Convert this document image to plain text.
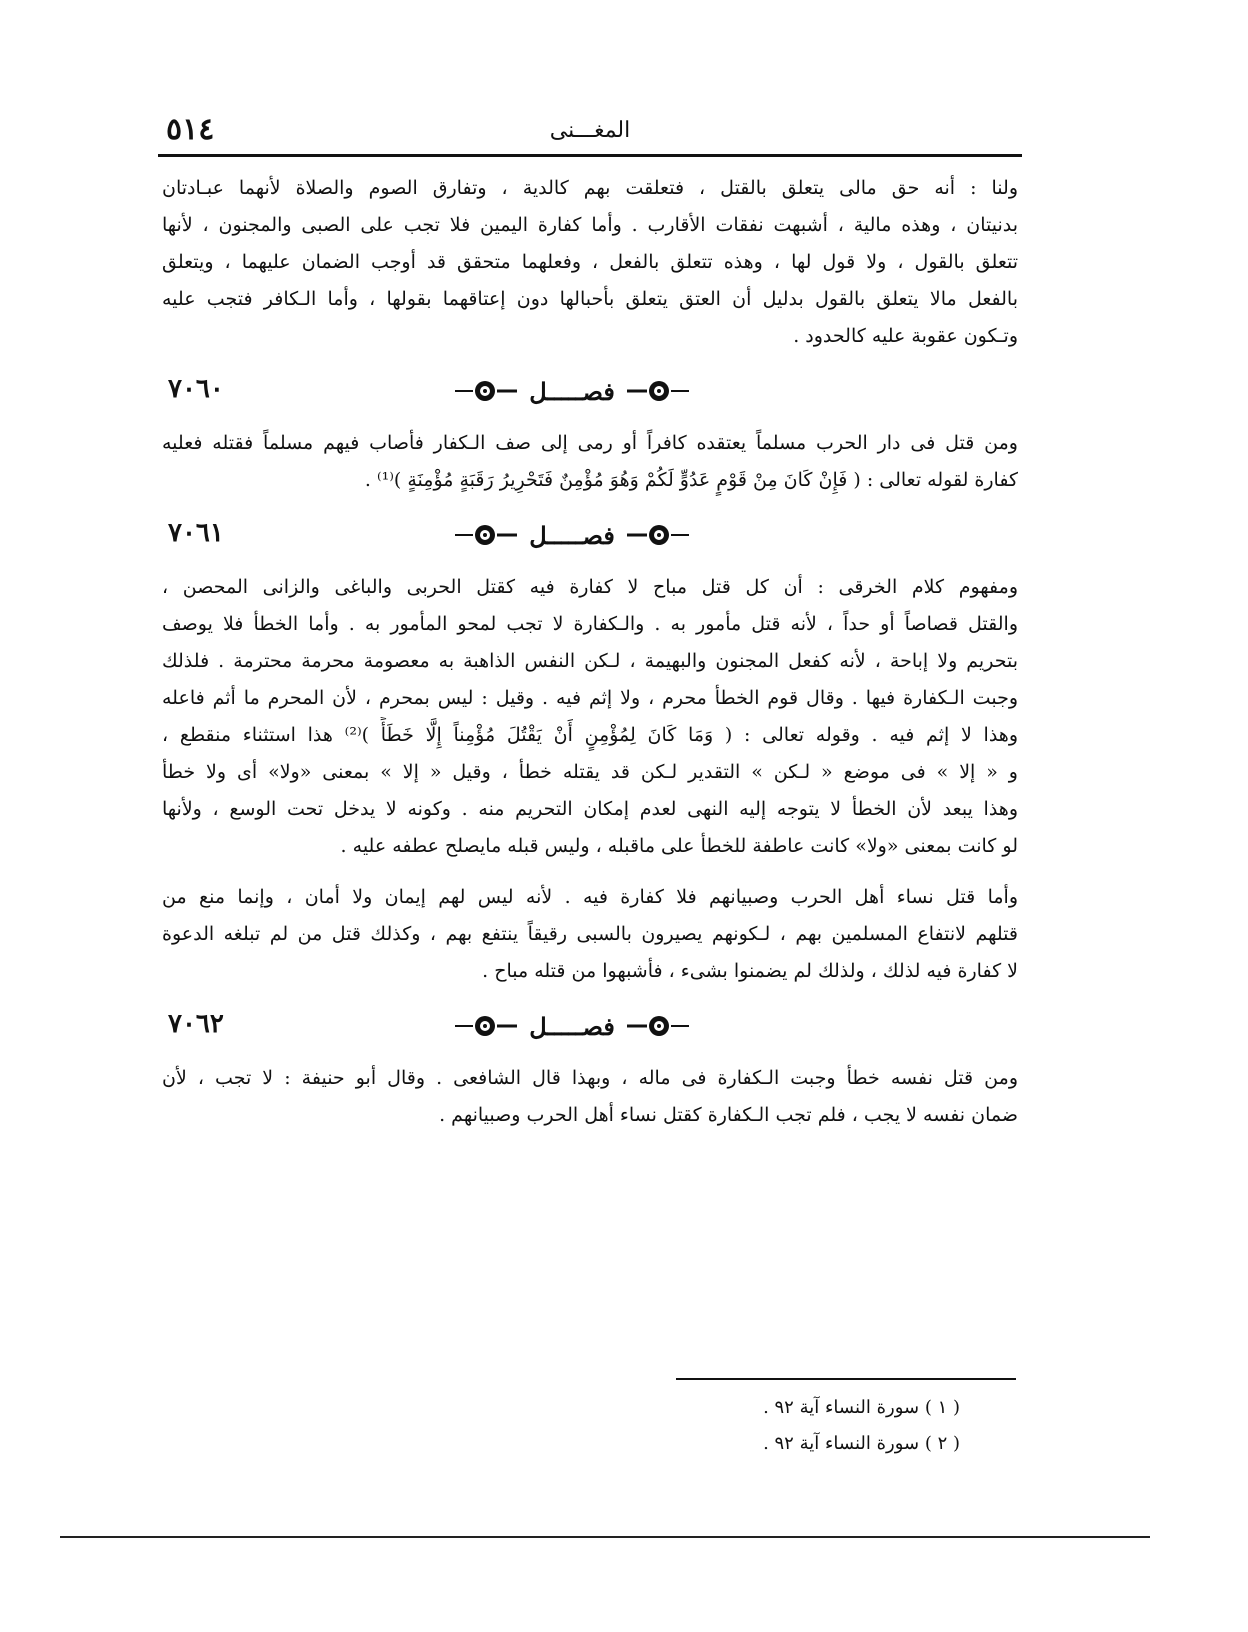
المغـــنى
٥١٤
ولنا : أنه حق مالى يتعلق بالقتل ، فتعلقت بهم كالدية ، وتفارق الصوم والصلاة لأنهما عبـادتان
بدنيتان ، وهذه مالية ، أشبهت نفقات الأقارب . وأما كفارة اليمين فلا تجب على الصبى والمجنون ، لأنها
تتعلق بالقول ، ولا قول لها ، وهذه تتعلق بالفعل ، وفعلهما متحقق قد أوجب الضمان عليهما ، ويتعلق
بالفعل مالا يتعلق بالقول بدليل أن العتق يتعلق بأحبالها دون إعتاقهما بقولها ، وأما الـكافر فتجب عليه
وتـكون عقوبة عليه كالحدود .
٧٠٦٠	فصـــــل
ومن قتل فى دار الحرب مسلماً يعتقده كافراً أو رمى إلى صف الـكفار فأصاب فيهم مسلماً فقتله فعليه
كفارة لقوله تعالى : ( فَإِنْ كَانَ مِنْ قَوْمٍ عَدُوٍّ لَكُمْ وَهُوَ مُؤْمِنٌ فَتَحْرِيرُ رَقَبَةٍ مُؤْمِنَةٍ )⁽¹⁾ .
٧٠٦١	فصـــــل
ومفهوم كلام الخرقى : أن كل قتل مباح لا كفارة فيه كقتل الحربى والباغى والزانى المحصن ،
والقتل قصاصاً أو حداً ، لأنه قتل مأمور به . والـكفارة لا تجب لمحو المأمور به . وأما الخطأ فلا يوصف
بتحريم ولا إباحة ، لأنه كفعل المجنون والبهيمة ، لـكن النفس الذاهبة به معصومة محرمة محترمة . فلذلك
وجبت الـكفارة فيها . وقال قوم الخطأ محرم ، ولا إثم فيه . وقيل : ليس بمحرم ، لأن المحرم ما أثم فاعله
وهذا لا إثم فيه . وقوله تعالى : ( وَمَا كَانَ لِمُؤْمِنٍ أَنْ يَقْتُلَ مُؤْمِناً إِلَّا خَطَأً )⁽²⁾ هذا استثناء منقطع ،
و « إلا » فى موضع « لـكن » التقدير لـكن قد يقتله خطأ ، وقيل « إلا » بمعنى «ولا» أى ولا خطأ
وهذا يبعد لأن الخطأ لا يتوجه إليه النهى لعدم إمكان التحريم منه . وكونه لا يدخل تحت الوسع ، ولأنها
لو كانت بمعنى «ولا» كانت عاطفة للخطأ على ماقبله ، وليس قبله مايصلح عطفه عليه .
وأما قتل نساء أهل الحرب وصبيانهم فلا كفارة فيه . لأنه ليس لهم إيمان ولا أمان ، وإنما منع من
قتلهم لانتفاع المسلمين بهم ، لـكونهم يصيرون بالسبى رقيقاً ينتفع بهم ، وكذلك قتل من لم تبلغه الدعوة
لا كفارة فيه لذلك ، ولذلك لم يضمنوا بشىء ، فأشبهوا من قتله مباح .
٧٠٦٢	فصـــــل
ومن قتل نفسه خطأ وجبت الـكفارة فى ماله ، وبهذا قال الشافعى . وقال أبو حنيفة : لا تجب ، لأن
ضمان نفسه لا يجب ، فلم تجب الـكفارة كقتل نساء أهل الحرب وصبيانهم .
( ١ ) سورة النساء آية ٩٢ .
( ٢ ) سورة النساء آية ٩٢ .
